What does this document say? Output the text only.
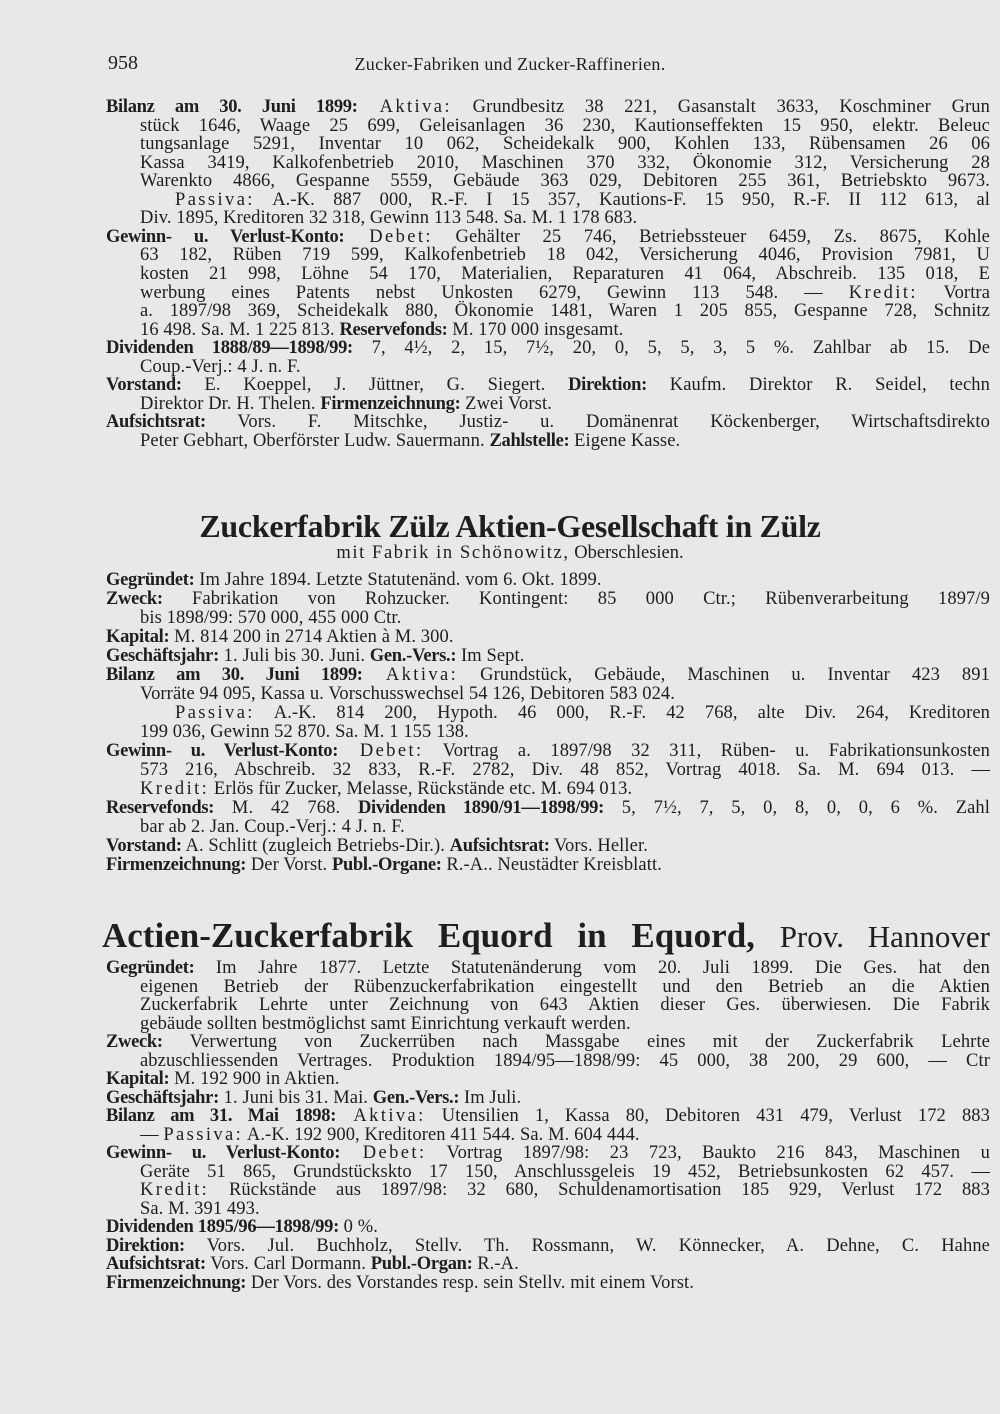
958	Zucker-Fabriken und Zucker-Raffinerien.
Zuckerfabrik Zülz Aktien-Gesellschaft in Zülz
mit Fabrik in Schönowitz, Oberschlesien.
Actien-Zuckerfabrik Equord in Equord, Prov. Hannover
Bilanz am 30. Juni 1899: Aktiva: Grundbesitz 38 221, Gasanstalt 3633, Koschminer Grun
stück 1646, Waage 25 699, Geleisanlagen 36 230, Kautionseffekten 15 950, elektr. Beleuc
tungsanlage 5291, Inventar 10 062, Scheidekalk 900, Kohlen 133, Rübensamen 26 06
Kassa 3419, Kalkofenbetrieb 2010, Maschinen 370 332, Ökonomie 312, Versicherung 28
Warenkto 4866, Gespanne 5559, Gebäude 363 029, Debitoren 255 361, Betriebskto 9673.
Passiva: A.-K. 887 000, R.-F. I 15 357, Kautions-F. 15 950, R.-F. II 112 613, al
Div. 1895, Kreditoren 32 318, Gewinn 113 548. Sa. M. 1 178 683.
Gewinn- u. Verlust-Konto: Debet: Gehälter 25 746, Betriebssteuer 6459, Zs. 8675, Kohle
63 182, Rüben 719 599, Kalkofenbetrieb 18 042, Versicherung 4046, Provision 7981, U
kosten 21 998, Löhne 54 170, Materialien, Reparaturen 41 064, Abschreib. 135 018, E
werbung eines Patents nebst Unkosten 6279, Gewinn 113 548. — Kredit: Vortra
a. 1897/98 369, Scheidekalk 880, Ökonomie 1481, Waren 1 205 855, Gespanne 728, Schnitz
16 498. Sa. M. 1 225 813. Reservefonds: M. 170 000 insgesamt.
Dividenden 1888/89—1898/99: 7, 4½, 2, 15, 7½, 20, 0, 5, 5, 3, 5 %. Zahlbar ab 15. De
Coup.-Verj.: 4 J. n. F.
Vorstand: E. Koeppel, J. Jüttner, G. Siegert. Direktion: Kaufm. Direktor R. Seidel, techn
Direktor Dr. H. Thelen. Firmenzeichnung: Zwei Vorst.
Aufsichtsrat: Vors. F. Mitschke, Justiz- u. Domänenrat Köckenberger, Wirtschaftsdirekto
Peter Gebhart, Oberförster Ludw. Sauermann. Zahlstelle: Eigene Kasse.
Gegründet: Im Jahre 1894. Letzte Statutenänd. vom 6. Okt. 1899.
Zweck: Fabrikation von Rohzucker. Kontingent: 85 000 Ctr.; Rübenverarbeitung 1897/9
bis 1898/99: 570 000, 455 000 Ctr.
Kapital: M. 814 200 in 2714 Aktien à M. 300.
Geschäftsjahr: 1. Juli bis 30. Juni. Gen.-Vers.: Im Sept.
Bilanz am 30. Juni 1899: Aktiva: Grundstück, Gebäude, Maschinen u. Inventar 423 891
Vorräte 94 095, Kassa u. Vorschusswechsel 54 126, Debitoren 583 024.
Passiva: A.-K. 814 200, Hypoth. 46 000, R.-F. 42 768, alte Div. 264, Kreditoren
199 036, Gewinn 52 870. Sa. M. 1 155 138.
Gewinn- u. Verlust-Konto: Debet: Vortrag a. 1897/98 32 311, Rüben- u. Fabrikationsunkosten
573 216, Abschreib. 32 833, R.-F. 2782, Div. 48 852, Vortrag 4018. Sa. M. 694 013. —
Kredit: Erlös für Zucker, Melasse, Rückstände etc. M. 694 013.
Reservefonds: M. 42 768. Dividenden 1890/91—1898/99: 5, 7½, 7, 5, 0, 8, 0, 0, 6 %. Zahl
bar ab 2. Jan. Coup.-Verj.: 4 J. n. F.
Vorstand: A. Schlitt (zugleich Betriebs-Dir.). Aufsichtsrat: Vors. Heller.
Firmenzeichnung: Der Vorst. Publ.-Organe: R.-A.. Neustädter Kreisblatt.
Gegründet: Im Jahre 1877. Letzte Statutenänderung vom 20. Juli 1899. Die Ges. hat den
eigenen Betrieb der Rübenzuckerfabrikation eingestellt und den Betrieb an die Aktien
Zuckerfabrik Lehrte unter Zeichnung von 643 Aktien dieser Ges. überwiesen. Die Fabrik
gebäude sollten bestmöglichst samt Einrichtung verkauft werden.
Zweck: Verwertung von Zuckerrüben nach Massgabe eines mit der Zuckerfabrik Lehrte
abzuschliessenden Vertrages. Produktion 1894/95—1898/99: 45 000, 38 200, 29 600, — Ctr
Kapital: M. 192 900 in Aktien.
Geschäftsjahr: 1. Juni bis 31. Mai. Gen.-Vers.: Im Juli.
Bilanz am 31. Mai 1898: Aktiva: Utensilien 1, Kassa 80, Debitoren 431 479, Verlust 172 883
— Passiva: A.-K. 192 900, Kreditoren 411 544. Sa. M. 604 444.
Gewinn- u. Verlust-Konto: Debet: Vortrag 1897/98: 23 723, Baukto 216 843, Maschinen u
Geräte 51 865, Grundstückskto 17 150, Anschlussgeleis 19 452, Betriebsunkosten 62 457. —
Kredit: Rückstände aus 1897/98: 32 680, Schuldenamortisation 185 929, Verlust 172 883
Sa. M. 391 493.
Dividenden 1895/96—1898/99: 0 %.
Direktion: Vors. Jul. Buchholz, Stellv. Th. Rossmann, W. Könnecker, A. Dehne, C. Hahne
Aufsichtsrat: Vors. Carl Dormann. Publ.-Organ: R.-A.
Firmenzeichnung: Der Vors. des Vorstandes resp. sein Stellv. mit einem Vorst.
